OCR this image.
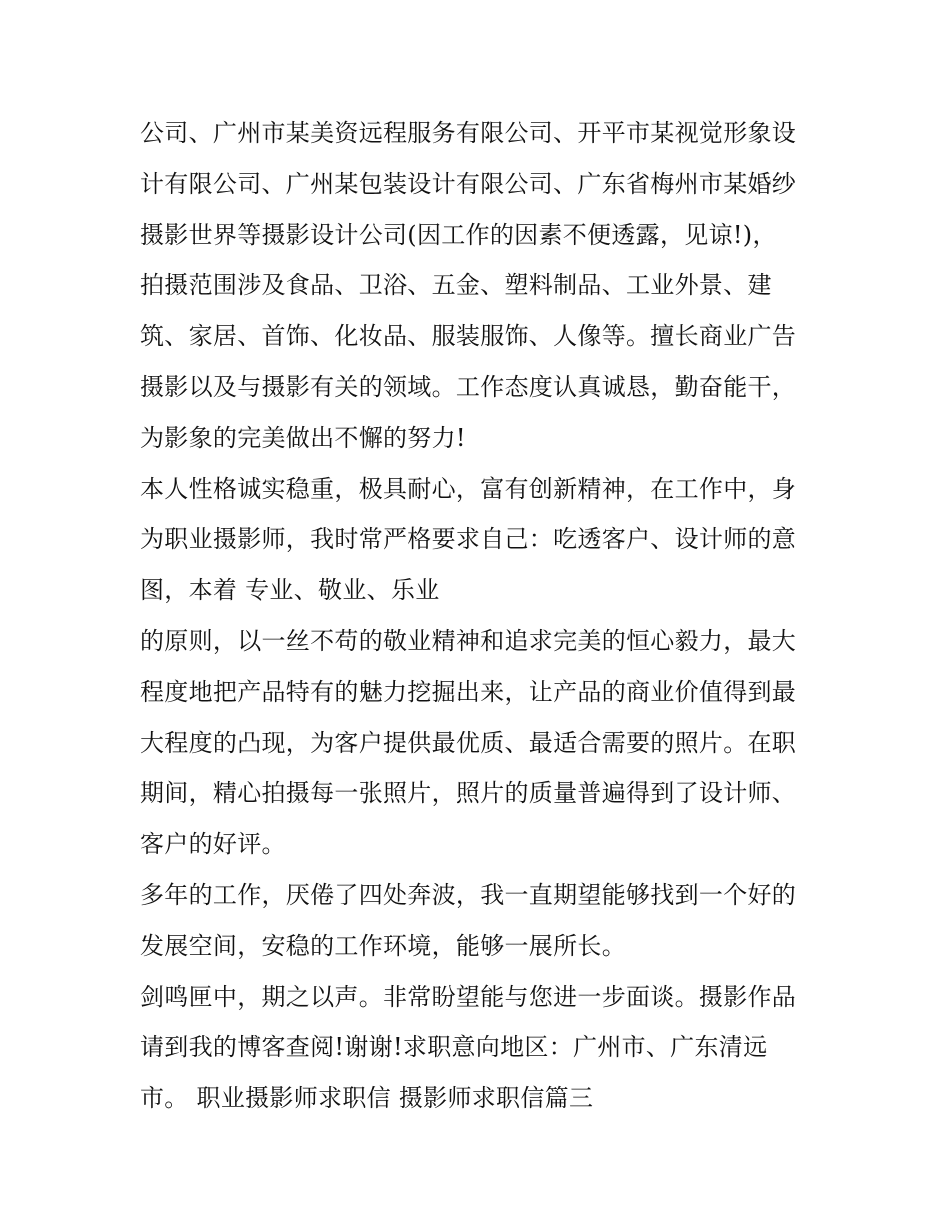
公司、广州市某美资远程服务有限公司、开平市某视觉形象设
计有限公司、广州某包装设计有限公司、广东省梅州市某婚纱
摄影世界等摄影设计公司(因工作的因素不便透露，见谅!)，
拍摄范围涉及食品、卫浴、五金、塑料制品、工业外景、建
筑、家居、首饰、化妆品、服装服饰、人像等。擅长商业广告
摄影以及与摄影有关的领域。工作态度认真诚恳，勤奋能干，
为影象的完美做出不懈的努力!
本人性格诚实稳重，极具耐心，富有创新精神，在工作中，身
为职业摄影师，我时常严格要求自己：吃透客户、设计师的意
图，本着 专业、敬业、乐业
的原则，以一丝不苟的敬业精神和追求完美的恒心毅力，最大
程度地把产品特有的魅力挖掘出来，让产品的商业价值得到最
大程度的凸现，为客户提供最优质、最适合需要的照片。在职
期间，精心拍摄每一张照片，照片的质量普遍得到了设计师、
客户的好评。
多年的工作，厌倦了四处奔波，我一直期望能够找到一个好的
发展空间，安稳的工作环境，能够一展所长。
剑鸣匣中，期之以声。非常盼望能与您进一步面谈。摄影作品
请到我的博客查阅!谢谢!求职意向地区：广州市、广东清远
市。 职业摄影师求职信 摄影师求职信篇三
